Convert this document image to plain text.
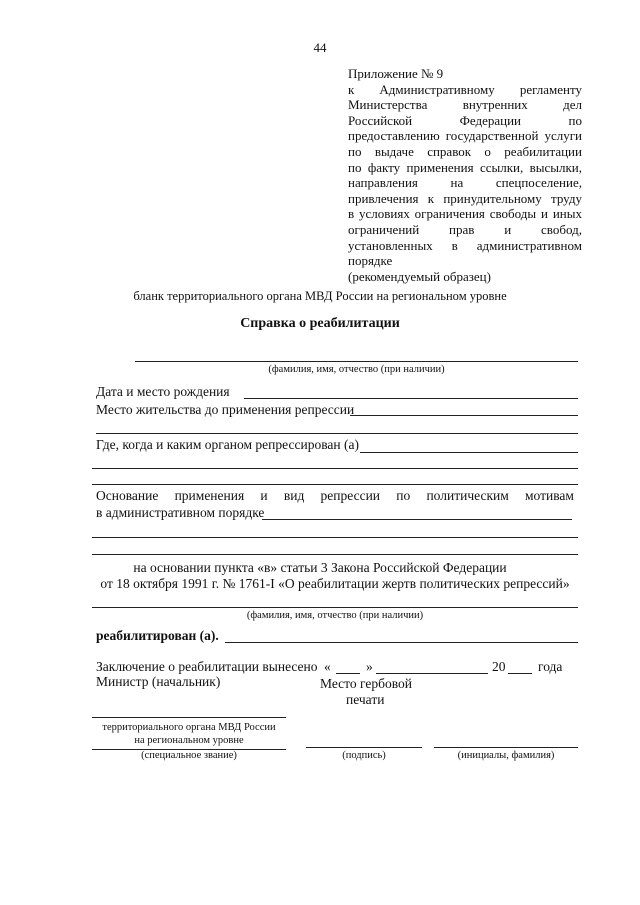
44
Приложение № 9
к Административному регламенту
Министерства	внутренних	дел
Российской	Федерации	по
предоставлению государственной услуги
по выдаче справок о реабилитации
по факту применения ссылки, высылки,
направления	на	спецпоселение,
привлечения к принудительному труду
в условиях ограничения свободы и иных
ограничений прав и свобод,
установленных в административном
порядке
(рекомендуемый образец)
бланк территориального органа МВД России на региональном уровне
Справка о реабилитации
(фамилия, имя, отчество (при наличии)
Дата и место рождения
Место жительства до применения репрессии
Где, когда и каким органом репрессирован (а)
Основание применения и вид репрессии по политическим мотивам
в административном порядке
на основании пункта «в» статьи 3 Закона Российской Федерации
от 18 октября 1991 г. № 1761-I «О реабилитации жертв политических репрессий»
(фамилия, имя, отчество (при наличии)
реабилитирован (а).
Заключение о реабилитации вынесено «	»	20 года
Министр (начальник)	Место гербовой
печати
территориального органа МВД России
на региональном уровне
(специальное звание)	(подпись)	(инициалы, фамилия)
